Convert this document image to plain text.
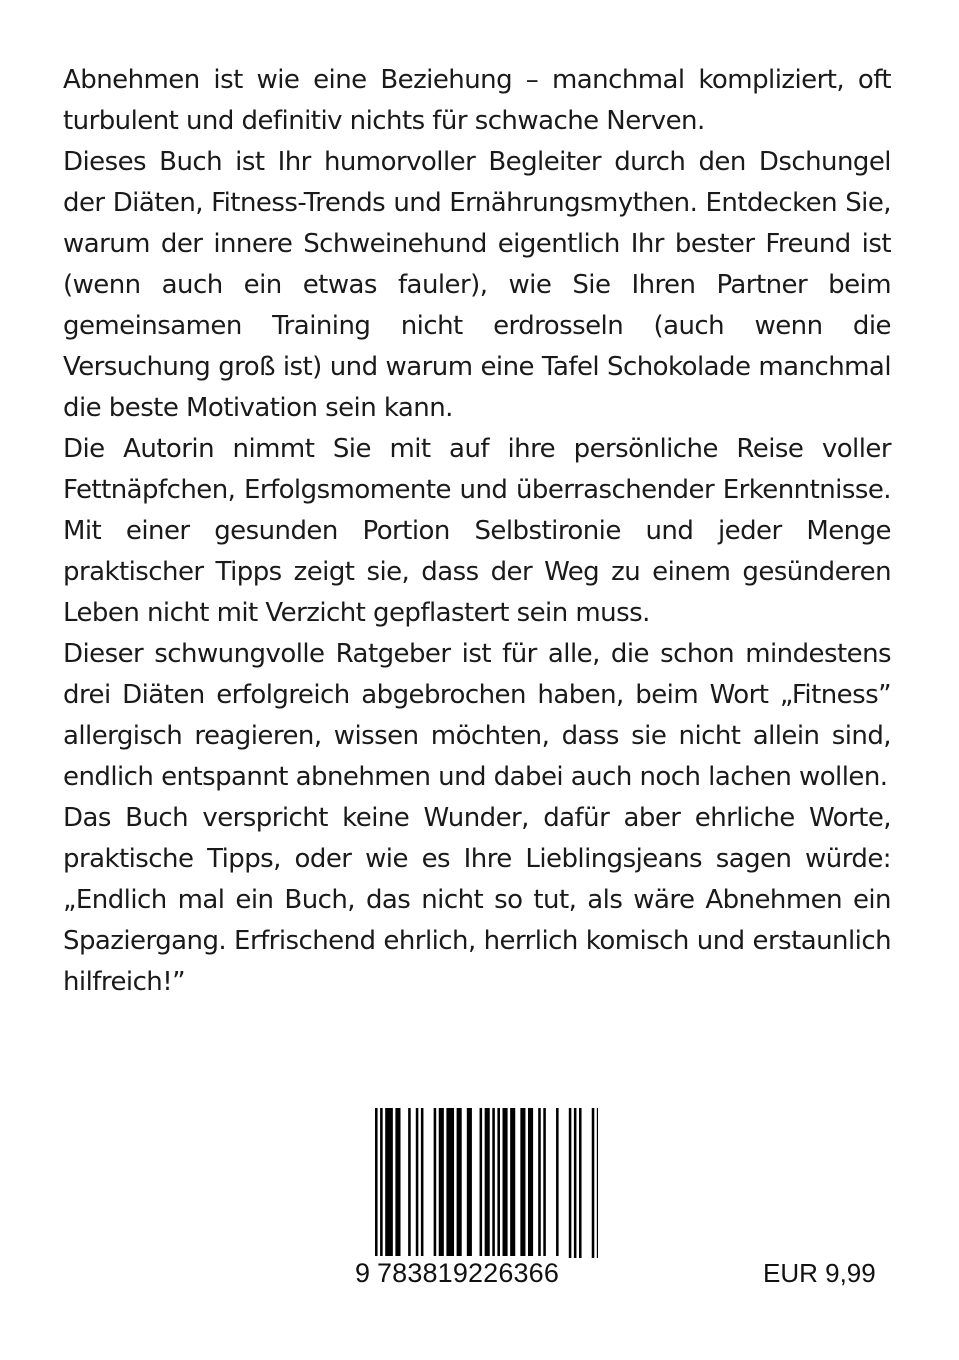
Abnehmen ist wie eine Beziehung – manchmal kompliziert, oft turbulent und definitiv nichts für schwache Nerven.

Dieses Buch ist Ihr humorvoller Begleiter durch den Dschungel der Diäten, Fitness-Trends und Ernährungsmythen. Entdecken Sie, warum der innere Schweinehund eigentlich Ihr bester Freund ist (wenn auch ein etwas fauler), wie Sie Ihren Partner beim gemeinsamen Training nicht erdrosseln (auch wenn die Versuchung groß ist) und warum eine Tafel Schokolade manchmal die beste Motivation sein kann.

Die Autorin nimmt Sie mit auf ihre persönliche Reise voller Fettnäpfchen, Erfolgsmomente und überraschender Erkenntnisse. Mit einer gesunden Portion Selbstironie und jeder Menge praktischer Tipps zeigt sie, dass der Weg zu einem gesünderen Leben nicht mit Verzicht gepflastert sein muss.

Dieser schwungvolle Ratgeber ist für alle, die schon mindestens drei Diäten erfolgreich abgebrochen haben, beim Wort „Fitness” allergisch reagieren, wissen möchten, dass sie nicht allein sind, endlich entspannt abnehmen und dabei auch noch lachen wollen.

Das Buch verspricht keine Wunder, dafür aber ehrliche Worte, praktische Tipps, oder wie es Ihre Lieblingsjeans sagen würde: „Endlich mal ein Buch, das nicht so tut, als wäre Abnehmen ein Spaziergang. Erfrischend ehrlich, herrlich komisch und erstaunlich hilfreich!”

9 783819226366	EUR 9,99
